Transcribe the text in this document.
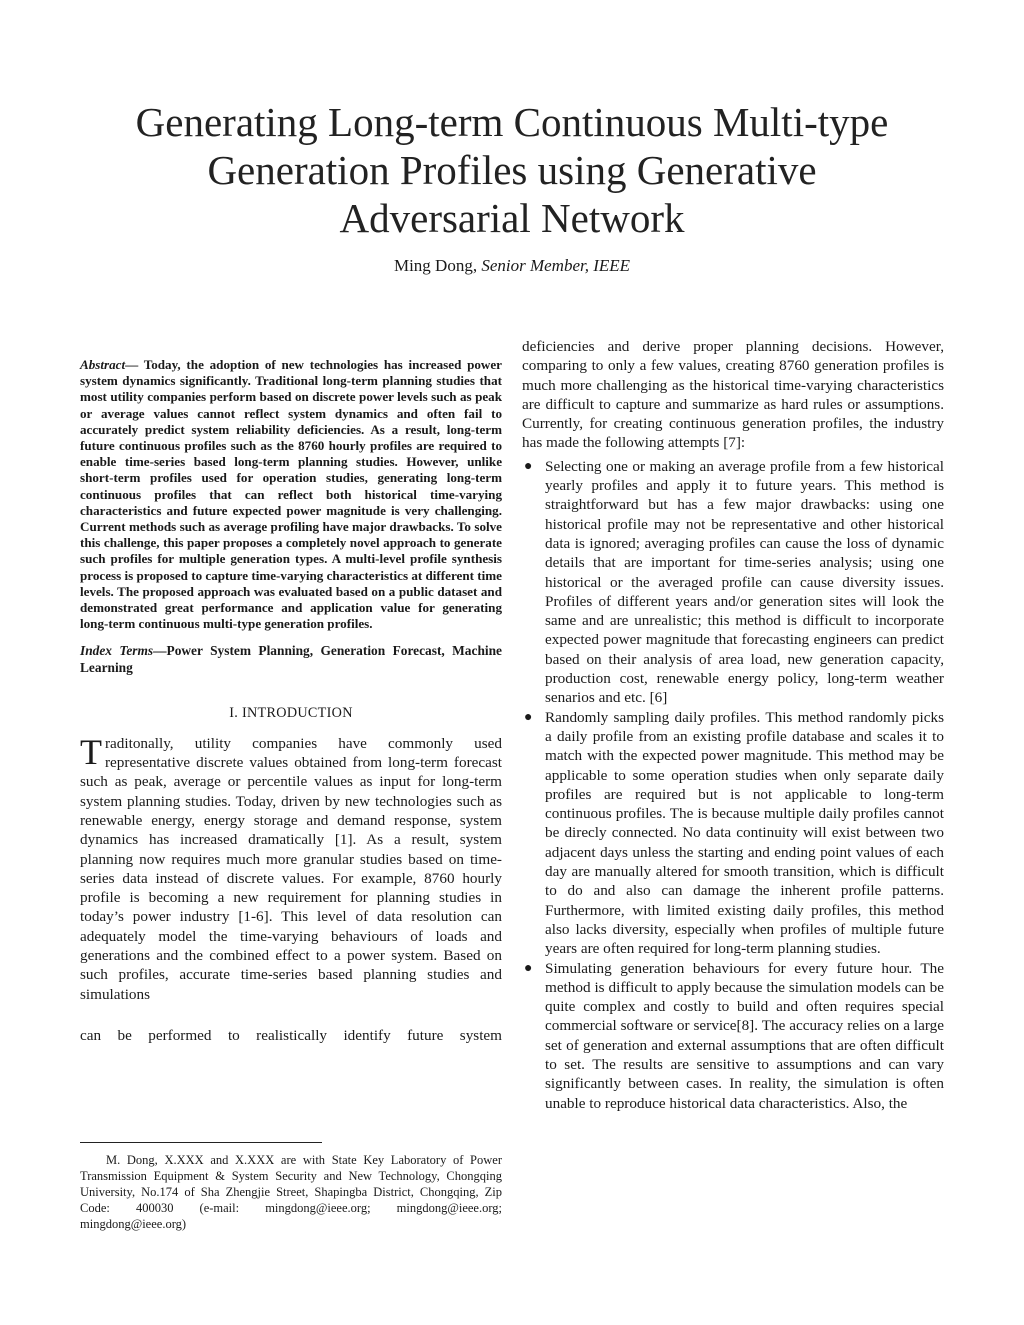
Generating Long-term Continuous Multi-type
Generation Profiles using Generative
Adversarial Network
Ming Dong, Senior Member, IEEE

Abstract— Today, the adoption of new technologies has increased power system dynamics significantly. Traditional long-term planning studies that most utility companies perform based on discrete power levels such as peak or average values cannot reflect system dynamics and often fail to accurately predict system reliability deficiencies. As a result, long-term future continuous profiles such as the 8760 hourly profiles are required to enable time-series based long-term planning studies. However, unlike short-term profiles used for operation studies, generating long-term continuous profiles that can reflect both historical time-varying characteristics and future expected power magnitude is very challenging. Current methods such as average profiling have major drawbacks. To solve this challenge, this paper proposes a completely novel approach to generate such profiles for multiple generation types. A multi-level profile synthesis process is proposed to capture time-varying characteristics at different time levels. The proposed approach was evaluated based on a public dataset and demonstrated great performance and application value for generating long-term continuous multi-type generation profiles.

Index Terms—Power System Planning, Generation Forecast, Machine Learning

I. INTRODUCTION

Traditonally, utility companies have commonly used representative discrete values obtained from long-term forecast such as peak, average or percentile values as input for long-term system planning studies. Today, driven by new technologies such as renewable energy, energy storage and demand response, system dynamics has increased dramatically [1]. As a result, system planning now requires much more granular studies based on time-series data instead of discrete values. For example, 8760 hourly profile is becoming a new requirement for planning studies in today’s power industry [1-6]. This level of data resolution can adequately model the time-varying behaviours of loads and generations and the combined effect to a power system. Based on such profiles, accurate time-series based planning studies and simulations

can be performed to realistically identify future system

M. Dong, X.XXX and X.XXX are with State Key Laboratory of Power Transmission Equipment & System Security and New Technology, Chongqing University, No.174 of Sha Zhengjie Street, Shapingba District, Chongqing, Zip Code: 400030 (e-mail: mingdong@ieee.org; mingdong@ieee.org; mingdong@ieee.org)

deficiencies and derive proper planning decisions. However, comparing to only a few values, creating 8760 generation profiles is much more challenging as the historical time-varying characteristics are difficult to capture and summarize as hard rules or assumptions. Currently, for creating continuous generation profiles, the industry has made the following attempts [7]:

● Selecting one or making an average profile from a few historical yearly profiles and apply it to future years. This method is straightforward but has a few major drawbacks: using one historical profile may not be representative and other historical data is ignored; averaging profiles can cause the loss of dynamic details that are important for time-series analysis; using one historical or the averaged profile can cause diversity issues. Profiles of different years and/or generation sites will look the same and are unrealistic; this method is difficult to incorporate expected power magnitude that forecasting engineers can predict based on their analysis of area load, new generation capacity, production cost, renewable energy policy, long-term weather senarios and etc. [6]
● Randomly sampling daily profiles. This method randomly picks a daily profile from an existing profile database and scales it to match with the expected power magnitude. This method may be applicable to some operation studies when only separate daily profiles are required but is not applicable to long-term continuous profiles. The is because multiple daily profiles cannot be direcly connected. No data continuity will exist between two adjacent days unless the starting and ending point values of each day are manually altered for smooth transition, which is difficult to do and also can damage the inherent profile patterns. Furthermore, with limited existing daily profiles, this method also lacks diversity, especially when profiles of multiple future years are often required for long-term planning studies.
● Simulating generation behaviours for every future hour. The method is difficult to apply because the simulation models can be quite complex and costly to build and often requires special commercial software or service[8]. The accuracy relies on a large set of generation and external assumptions that are often difficult to set. The results are sensitive to assumptions and can vary significantly between cases. In reality, the simulation is often unable to reproduce historical data characteristics. Also, the
